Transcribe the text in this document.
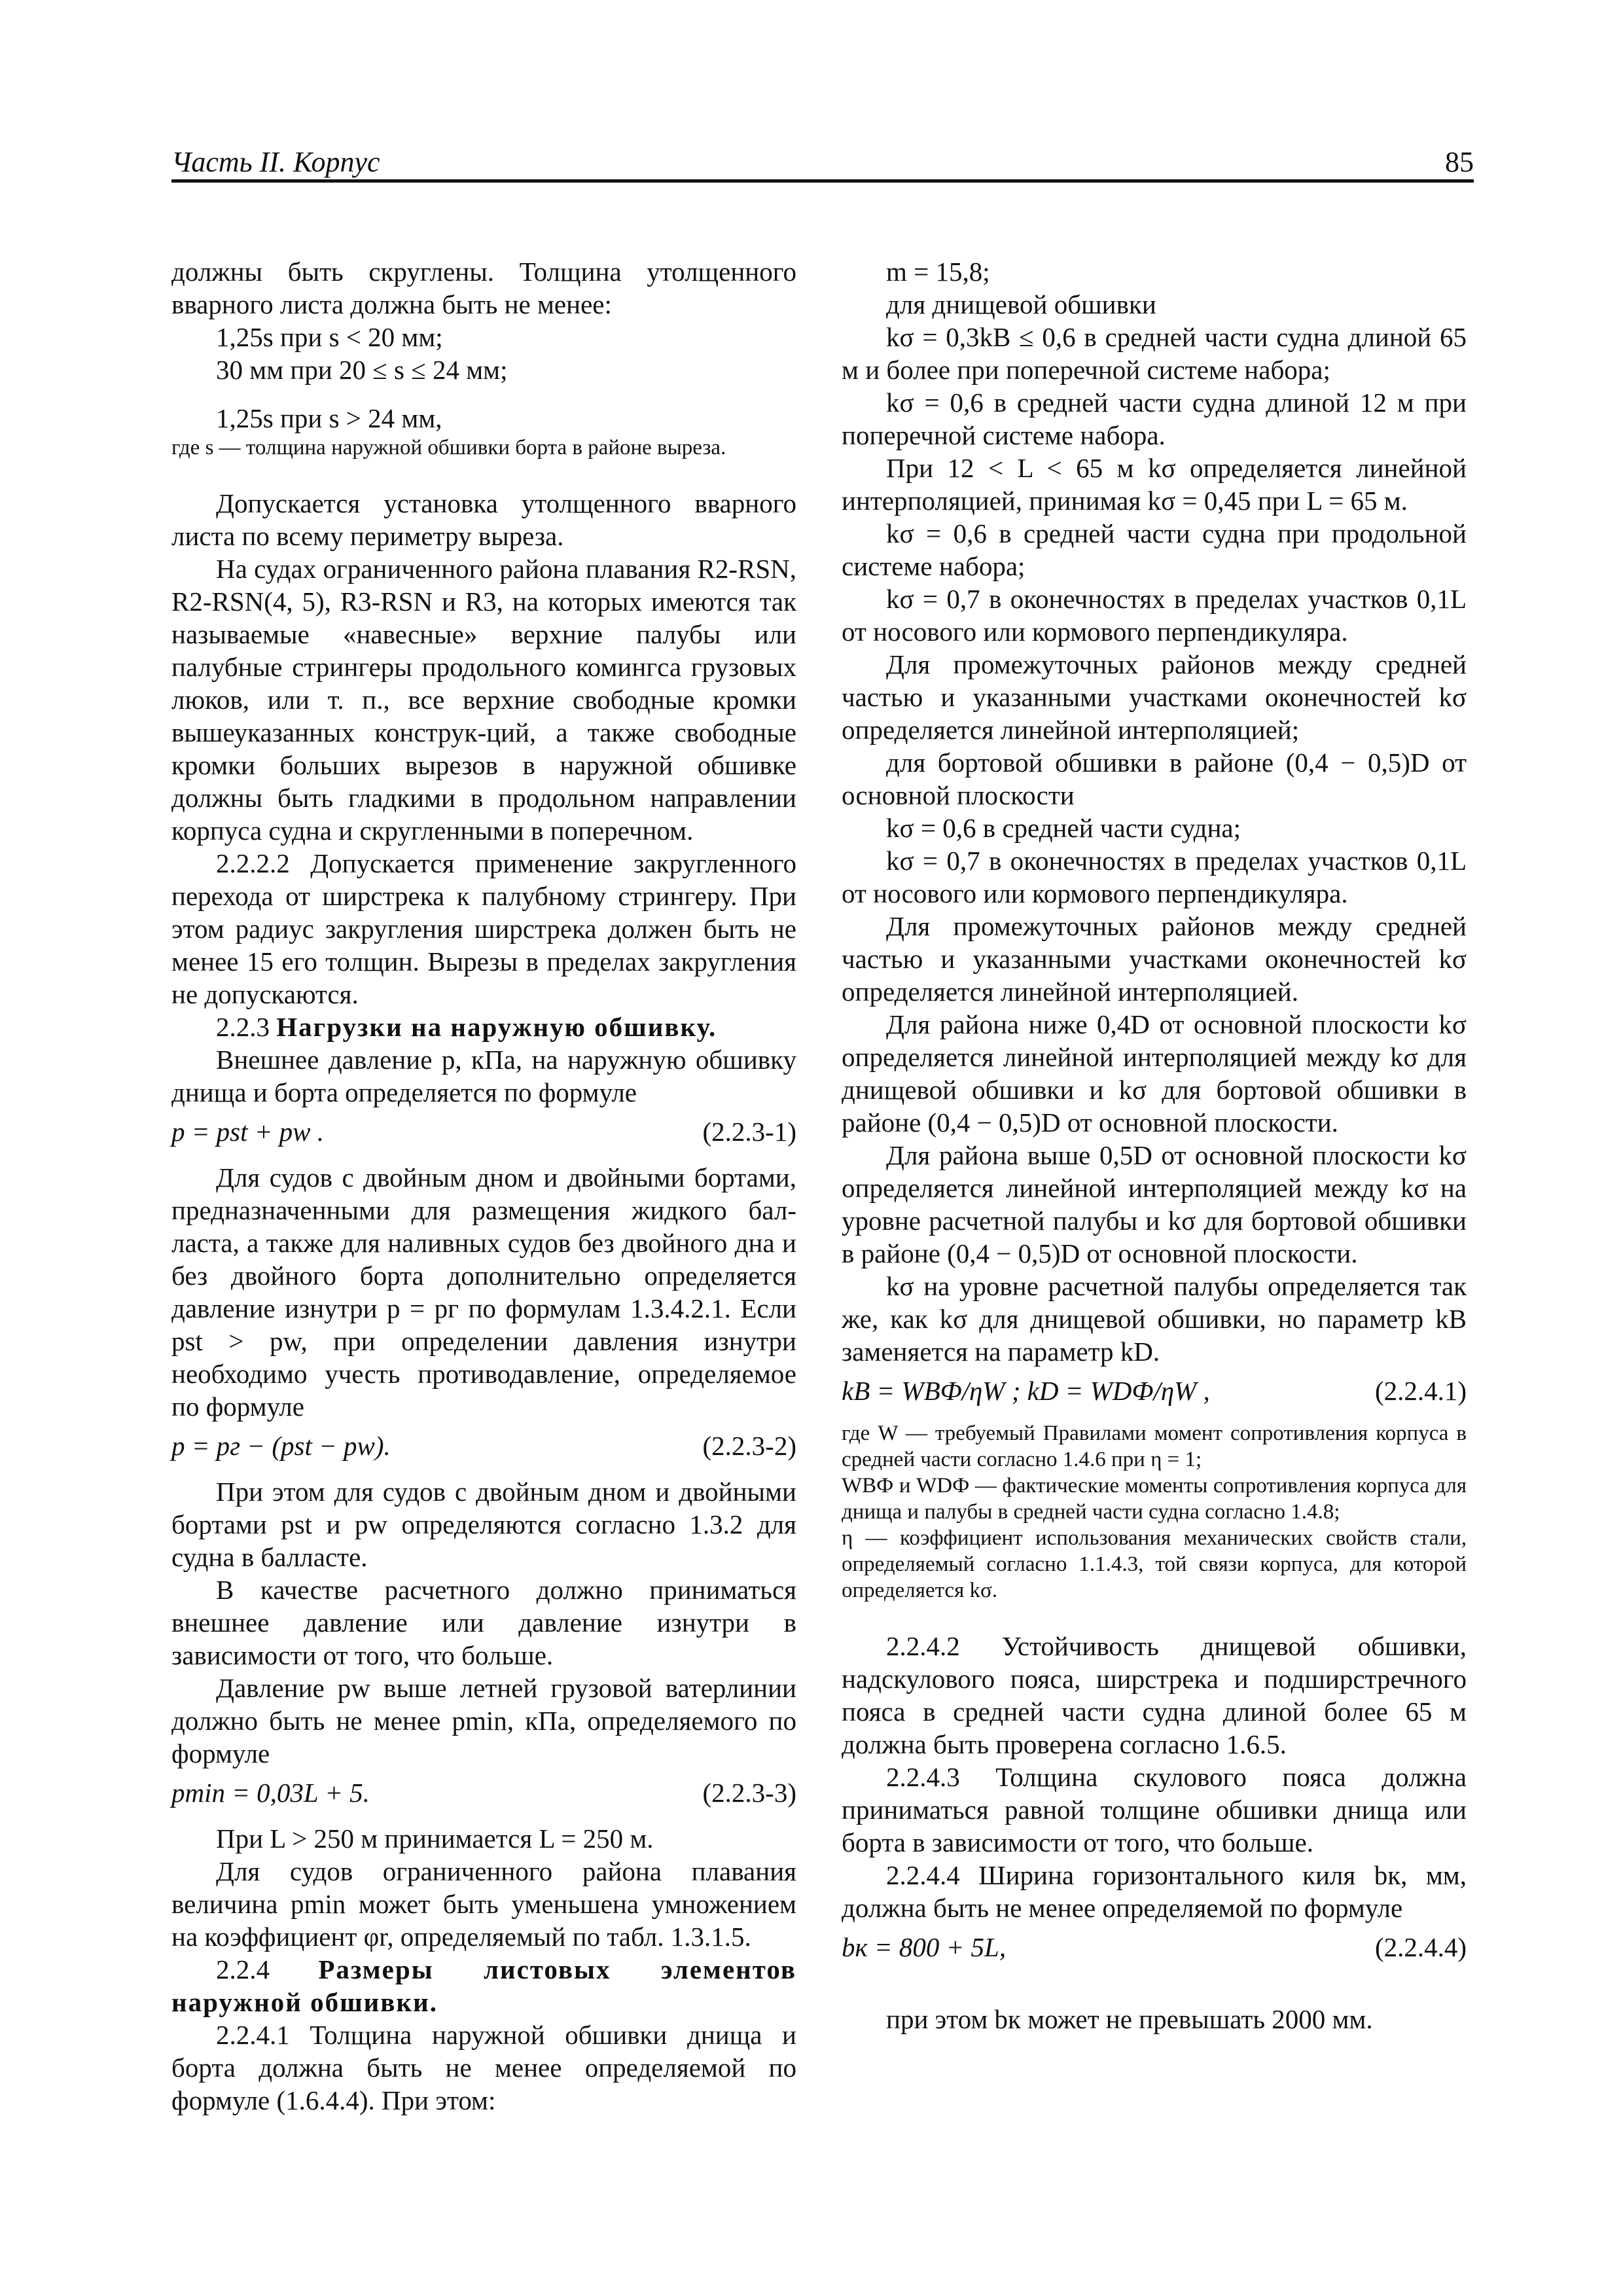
Часть II. Корпус	85

должны быть скруглены. Толщина утолщенного вварного листа должна быть не менее:

1,25s при s < 20 мм;

30 мм при 20 ≤ s ≤ 24 мм;

1,25s при s > 24 мм,

где s — толщина наружной обшивки борта в районе выреза.

Допускается установка утолщенного вварного листа по всему периметру выреза.

На судах ограниченного района плавания R2-RSN, R2-RSN(4, 5), R3-RSN и R3, на которых имеются так называемые «навесные» верхние палубы или палубные стрингеры продольного комингса грузовых люков, или т. п., все верхние свободные кромки вышеуказанных конструк-ций, а также свободные кромки больших вырезов в наружной обшивке должны быть гладкими в продольном направлении корпуса судна и скругленными в поперечном.

2.2.2.2 Допускается применение закругленного перехода от ширстрека к палубному стрингеру. При этом радиус закругления ширстрека должен быть не менее 15 его толщин. Вырезы в пределах закругления не допускаются.

2.2.3 Нагрузки на наружную обшивку.

Внешнее давление p, кПа, на наружную обшивку днища и борта определяется по формуле

p = pst + pw .	(2.2.3-1)

Для судов с двойным дном и двойными бортами, предназначенными для размещения жидкого бал-ласта, а также для наливных судов без двойного дна и без двойного борта дополнительно определяется давление изнутри p = pг по формулам 1.3.4.2.1. Если pst > pw, при определении давления изнутри необходимо учесть противодавление, определяемое по формуле

p = pг − (pst − pw).	(2.2.3-2)

При этом для судов с двойным дном и двойными бортами pst и pw определяются согласно 1.3.2 для судна в балласте.

В качестве расчетного должно приниматься внешнее давление или давление изнутри в зависимости от того, что больше.

Давление pw выше летней грузовой ватерлинии должно быть не менее pmin, кПа, определяемого по формуле

pmin = 0,03L + 5.	(2.2.3-3)

При L > 250 м принимается L = 250 м.

Для судов ограниченного района плавания величина pmin может быть уменьшена умножением на коэффициент φr, определяемый по табл. 1.3.1.5.

2.2.4 Размеры листовых элементов наружной обшивки.

2.2.4.1 Толщина наружной обшивки днища и борта должна быть не менее определяемой по формуле (1.6.4.4). При этом:

m = 15,8;

для днищевой обшивки

kσ = 0,3kB ≤ 0,6 в средней части судна длиной 65 м и более при поперечной системе набора;

kσ = 0,6 в средней части судна длиной 12 м при поперечной системе набора.

При 12 < L < 65 м kσ определяется линейной интерполяцией, принимая kσ = 0,45 при L = 65 м.

kσ = 0,6 в средней части судна при продольной системе набора;

kσ = 0,7 в оконечностях в пределах участков 0,1L от носового или кормового перпендикуляра.

Для промежуточных районов между средней частью и указанными участками оконечностей kσ определяется линейной интерполяцией;

для бортовой обшивки в районе (0,4 − 0,5)D от основной плоскости

kσ = 0,6 в средней части судна;

kσ = 0,7 в оконечностях в пределах участков 0,1L от носового или кормового перпендикуляра.

Для промежуточных районов между средней частью и указанными участками оконечностей kσ определяется линейной интерполяцией.

Для района ниже 0,4D от основной плоскости kσ определяется линейной интерполяцией между kσ для днищевой обшивки и kσ для бортовой обшивки в районе (0,4 − 0,5)D от основной плоскости.

Для района выше 0,5D от основной плоскости kσ определяется линейной интерполяцией между kσ на уровне расчетной палубы и kσ для бортовой обшивки в районе (0,4 − 0,5)D от основной плоскости.

kσ на уровне расчетной палубы определяется так же, как kσ для днищевой обшивки, но параметр kB заменяется на параметр kD.

kB = WBФ/ηW ; kD = WDФ/ηW ,	(2.2.4.1)

где W — требуемый Правилами момент сопротивления корпуса в средней части согласно 1.4.6 при η = 1;

WBФ и WDФ — фактические моменты сопротивления корпуса для днища и палубы в средней части судна согласно 1.4.8;

η — коэффициент использования механических свойств стали, определяемый согласно 1.1.4.3, той связи корпуса, для которой определяется kσ.

2.2.4.2 Устойчивость днищевой обшивки, надскулового пояса, ширстрека и подширстречного пояса в средней части судна длиной более 65 м должна быть проверена согласно 1.6.5.

2.2.4.3 Толщина скулового пояса должна приниматься равной толщине обшивки днища или борта в зависимости от того, что больше.

2.2.4.4 Ширина горизонтального киля bк, мм, должна быть не менее определяемой по формуле

bк = 800 + 5L,	(2.2.4.4)

при этом bк может не превышать 2000 мм.
